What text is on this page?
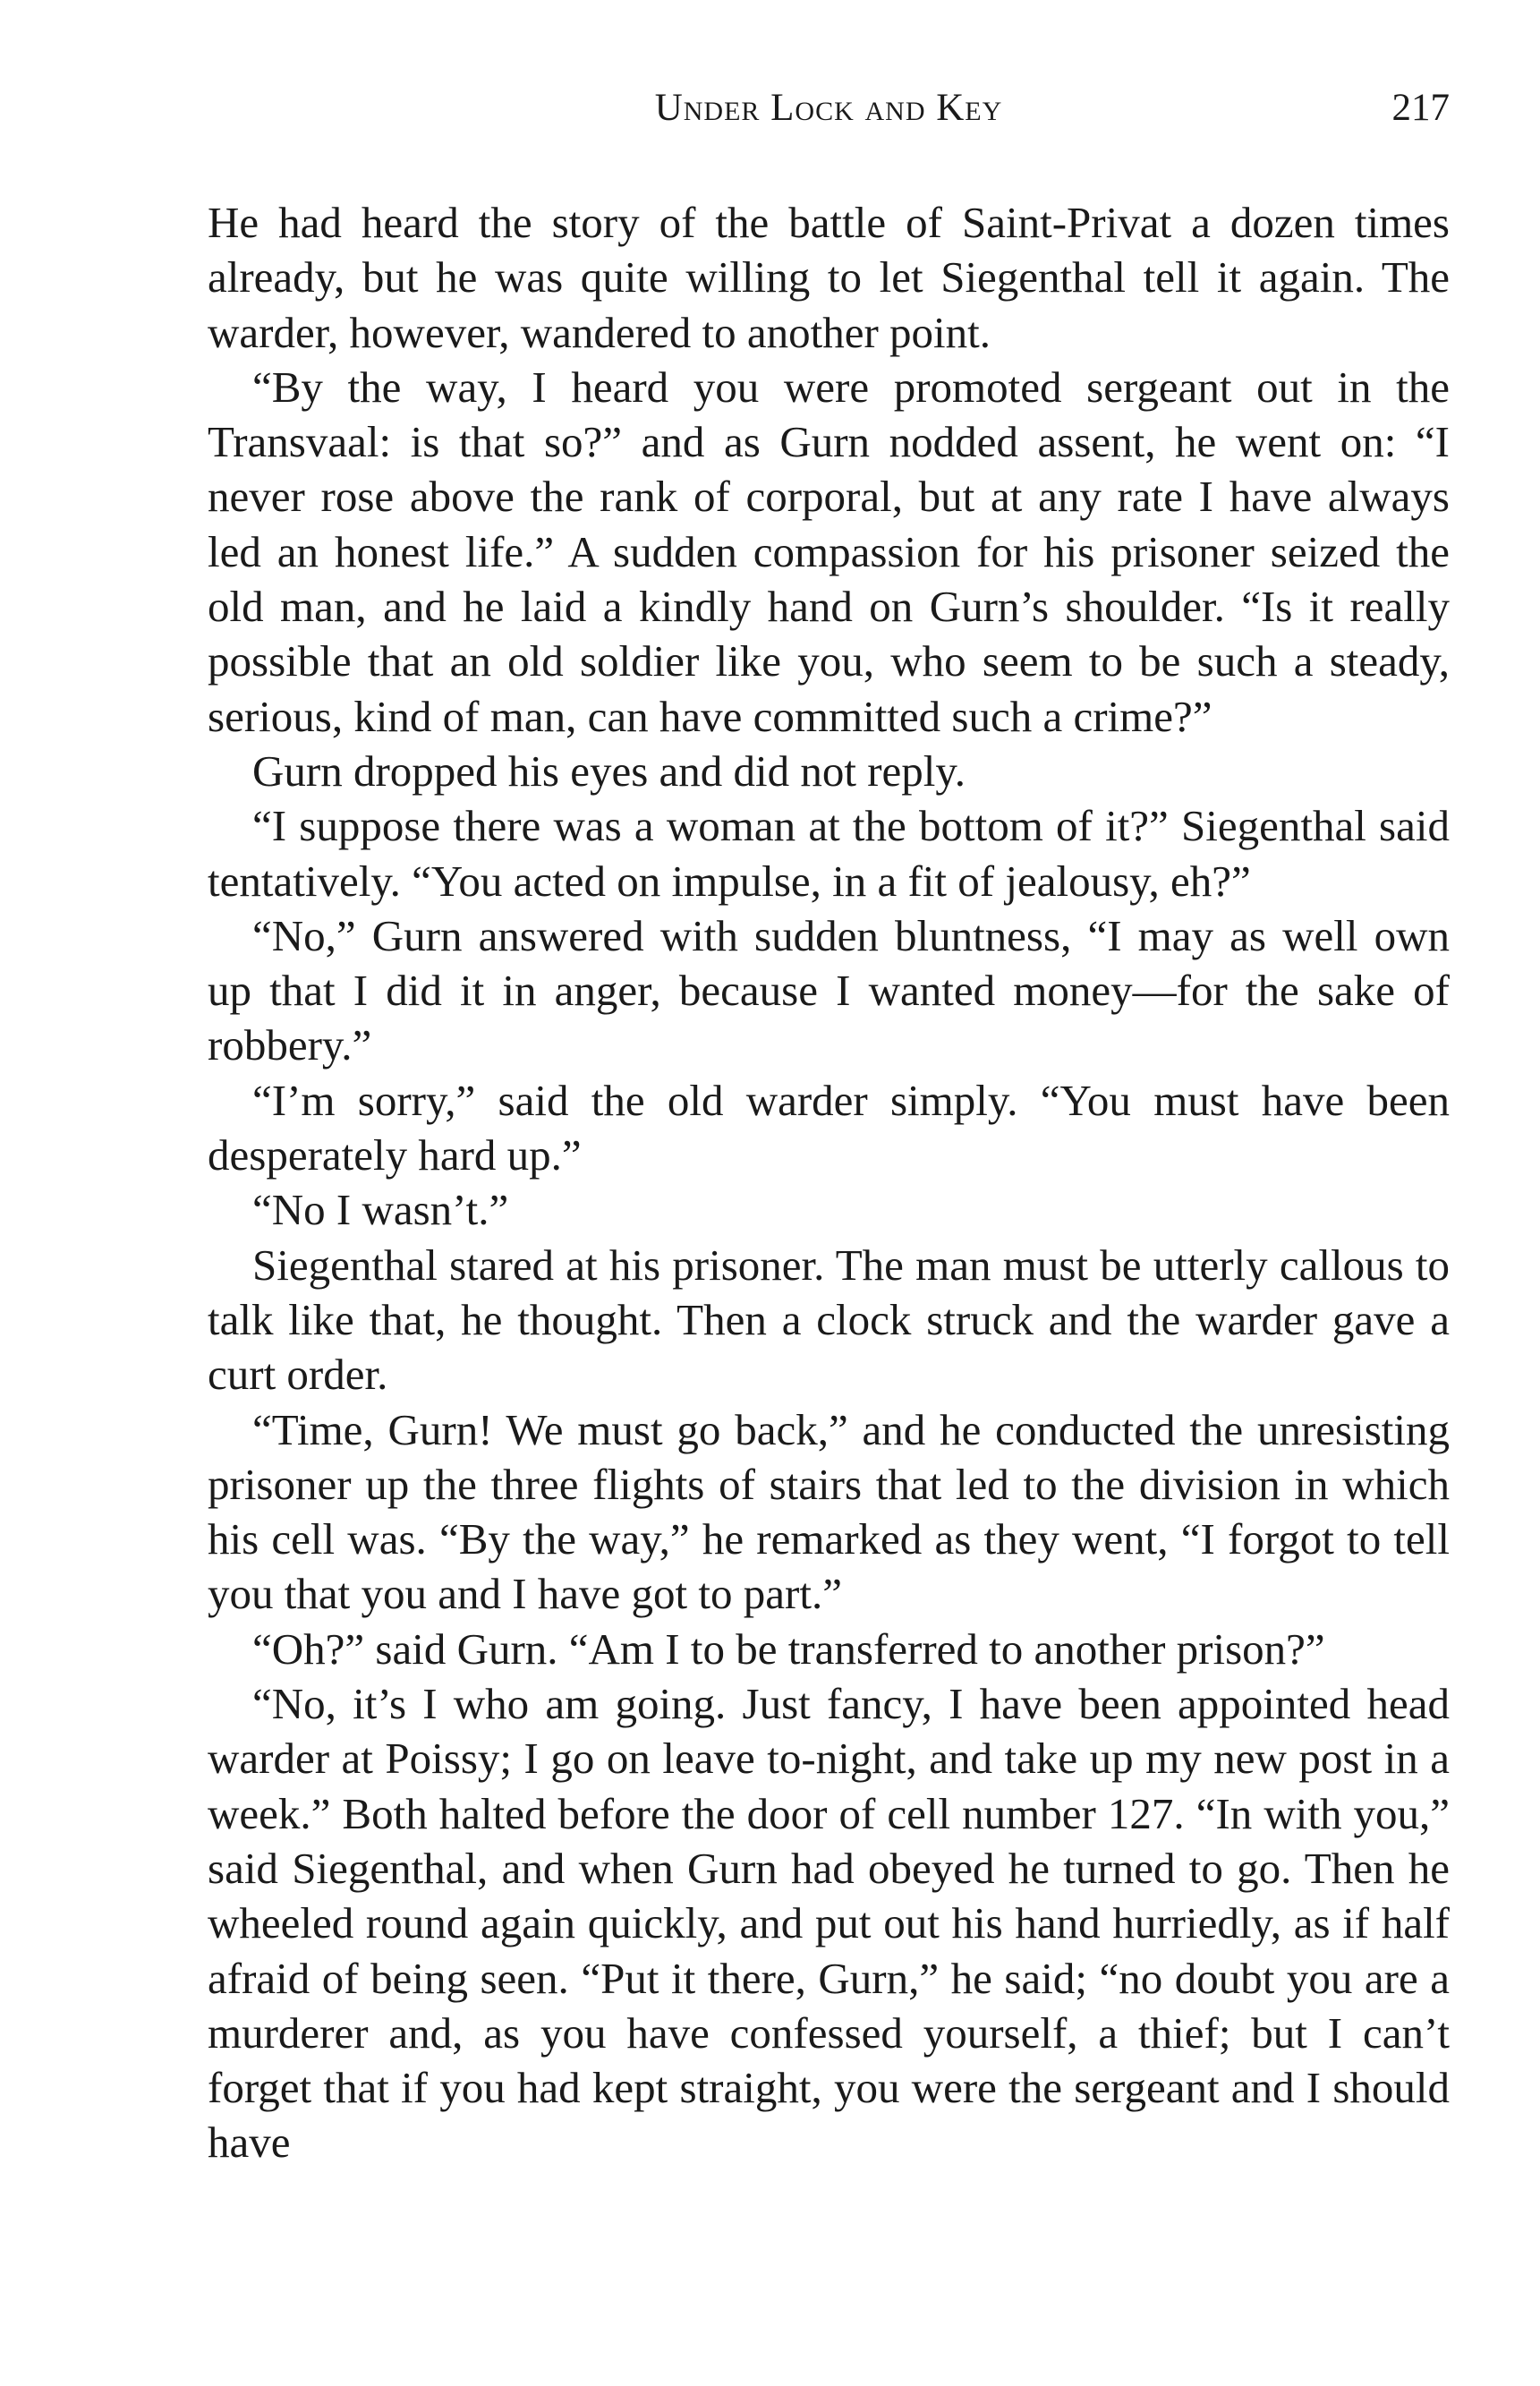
Under Lock and Key	217

He had heard the story of the battle of Saint-Privat a dozen times already, but he was quite willing to let Siegenthal tell it again. The warder, however, wandered to another point.

“By the way, I heard you were promoted sergeant out in the Transvaal: is that so?” and as Gurn nodded assent, he went on: “I never rose above the rank of corporal, but at any rate I have always led an honest life.” A sudden compassion for his prisoner seized the old man, and he laid a kindly hand on Gurn’s shoulder. “Is it really possible that an old soldier like you, who seem to be such a steady, serious, kind of man, can have committed such a crime?”

Gurn dropped his eyes and did not reply.

“I suppose there was a woman at the bottom of it?” Siegenthal said tentatively. “You acted on impulse, in a fit of jealousy, eh?”

“No,” Gurn answered with sudden bluntness, “I may as well own up that I did it in anger, because I wanted money—for the sake of robbery.”

“I’m sorry,” said the old warder simply. “You must have been desperately hard up.”

“No I wasn’t.”

Siegenthal stared at his prisoner. The man must be utterly callous to talk like that, he thought. Then a clock struck and the warder gave a curt order.

“Time, Gurn! We must go back,” and he conducted the unresisting prisoner up the three flights of stairs that led to the division in which his cell was. “By the way,” he remarked as they went, “I forgot to tell you that you and I have got to part.”

“Oh?” said Gurn. “Am I to be transferred to another prison?”

“No, it’s I who am going. Just fancy, I have been appointed head warder at Poissy; I go on leave to-night, and take up my new post in a week.” Both halted before the door of cell number 127. “In with you,” said Siegenthal, and when Gurn had obeyed he turned to go. Then he wheeled round again quickly, and put out his hand hurriedly, as if half afraid of being seen. “Put it there, Gurn,” he said; “no doubt you are a murderer and, as you have confessed yourself, a thief; but I can’t forget that if you had kept straight, you were the sergeant and I should have
